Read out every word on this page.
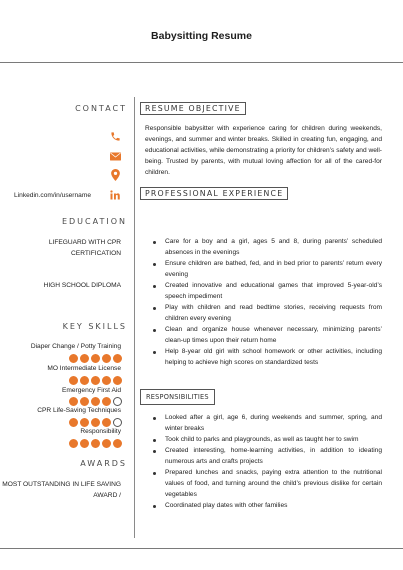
Babysitting Resume
CONTACT
Linkedin.com/in/username
EDUCATION
LIFEGUARD WITH CPR CERTIFICATION
HIGH SCHOOL DIPLOMA
KEY SKILLS
Diaper Change / Potty Training
MO Intermediate License
Emergency First Aid
CPR Life-Saving Techniques
Responsibility
AWARDS
MOST OUTSTANDING IN LIFE SAVING AWARD /
RESUME OBJECTIVE
Responsible babysitter with experience caring for children during weekends, evenings, and summer and winter breaks. Skilled in creating fun, engaging, and educational activities, while demonstrating a priority for children’s safety and well-being. Trusted by parents, with mutual loving affection for all of the cared-for children.
PROFESSIONAL EXPERIENCE
Care for a boy and a girl, ages 5 and 8, during parents’ scheduled absences in the evenings
Ensure children are bathed, fed, and in bed prior to parents’ return every evening
Created innovative and educational games that improved 5-year-old’s speech impediment
Play with children and read bedtime stories, receiving requests from children every evening
Clean and organize house whenever necessary, minimizing parents’ clean-up times upon their return home
Help 8-year old girl with school homework or other activities, including helping to achieve high scores on standardized tests
RESPONSIBILITIES
Looked after a girl, age 6, during weekends and summer, spring, and winter breaks
Took child to parks and playgrounds, as well as taught her to swim
Created interesting, home-learning activities, in addition to ideating numerous arts and crafts projects
Prepared lunches and snacks, paying extra attention to the nutritional values of food, and turning around the child’s previous dislike for certain vegetables
Coordinated play dates with other families
